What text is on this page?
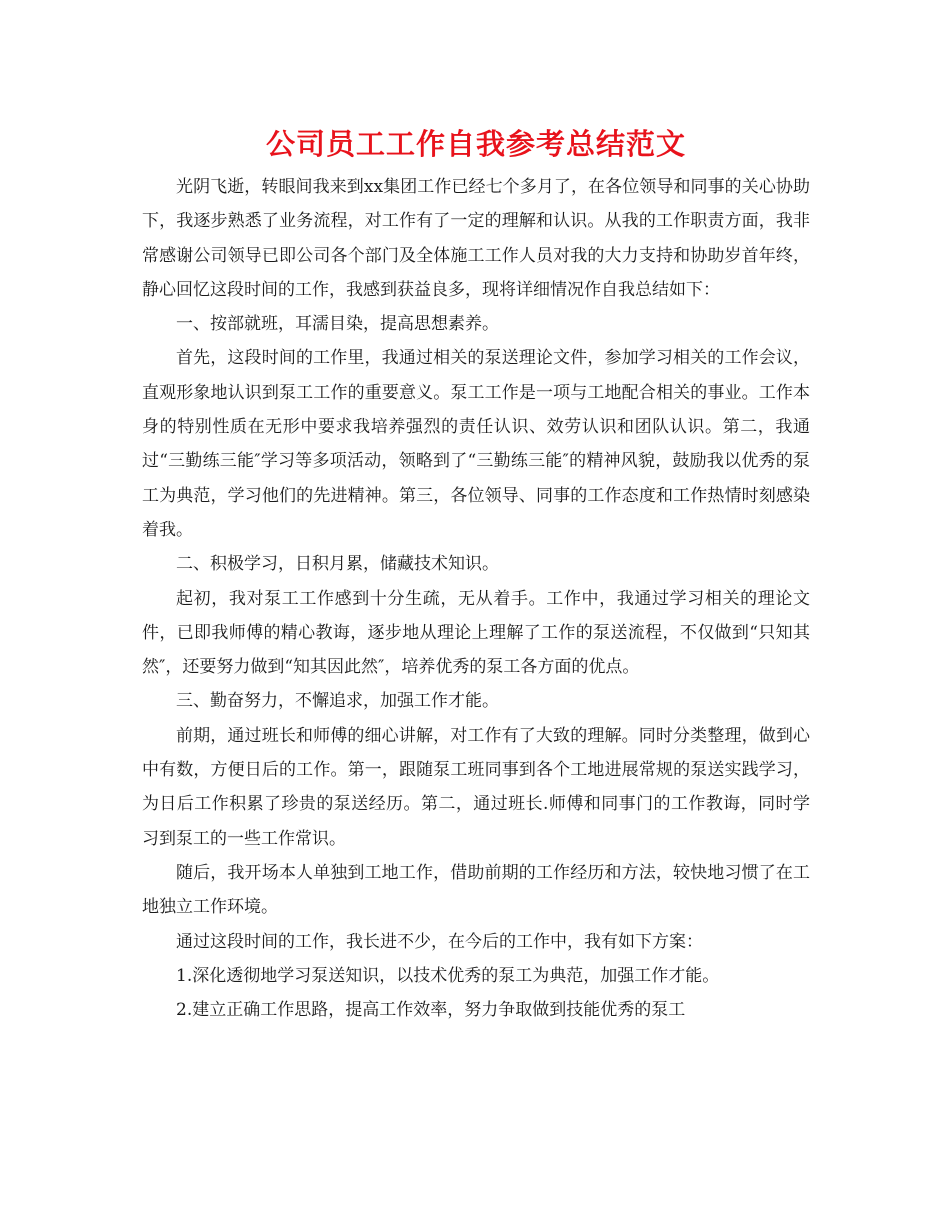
公司员工工作自我参考总结范文

光阴飞逝，转眼间我来到xx集团工作已经七个多月了，在各位领导和同事的关心协助下，我逐步熟悉了业务流程，对工作有了一定的理解和认识。从我的工作职责方面，我非常感谢公司领导已即公司各个部门及全体施工工作人员对我的大力支持和协助岁首年终，静心回忆这段时间的工作，我感到获益良多，现将详细情况作自我总结如下：

一、按部就班，耳濡目染，提高思想素养。

首先，这段时间的工作里，我通过相关的泵送理论文件，参加学习相关的工作会议，直观形象地认识到泵工工作的重要意义。泵工工作是一项与工地配合相关的事业。工作本身的特别性质在无形中要求我培养强烈的责任认识、效劳认识和团队认识。第二，我通过“三勤练三能″学习等多项活动，领略到了“三勤练三能″的精神风貌，鼓励我以优秀的泵工为典范，学习他们的先进精神。第三，各位领导、同事的工作态度和工作热情时刻感染着我。

二、积极学习，日积月累，储藏技术知识。

起初，我对泵工工作感到十分生疏，无从着手。工作中，我通过学习相关的理论文件，已即我师傅的精心教诲，逐步地从理论上理解了工作的泵送流程，不仅做到“只知其然″，还要努力做到“知其因此然″，培养优秀的泵工各方面的优点。

三、勤奋努力，不懈追求，加强工作才能。

前期，通过班长和师傅的细心讲解，对工作有了大致的理解。同时分类整理，做到心中有数，方便日后的工作。第一，跟随泵工班同事到各个工地进展常规的泵送实践学习，为日后工作积累了珍贵的泵送经历。第二，通过班长.师傅和同事门的工作教诲，同时学习到泵工的一些工作常识。

随后，我开场本人单独到工地工作，借助前期的工作经历和方法，较快地习惯了在工地独立工作环境。

通过这段时间的工作，我长进不少，在今后的工作中，我有如下方案：

1.深化透彻地学习泵送知识，以技术优秀的泵工为典范，加强工作才能。

2.建立正确工作思路，提高工作效率，努力争取做到技能优秀的泵工
